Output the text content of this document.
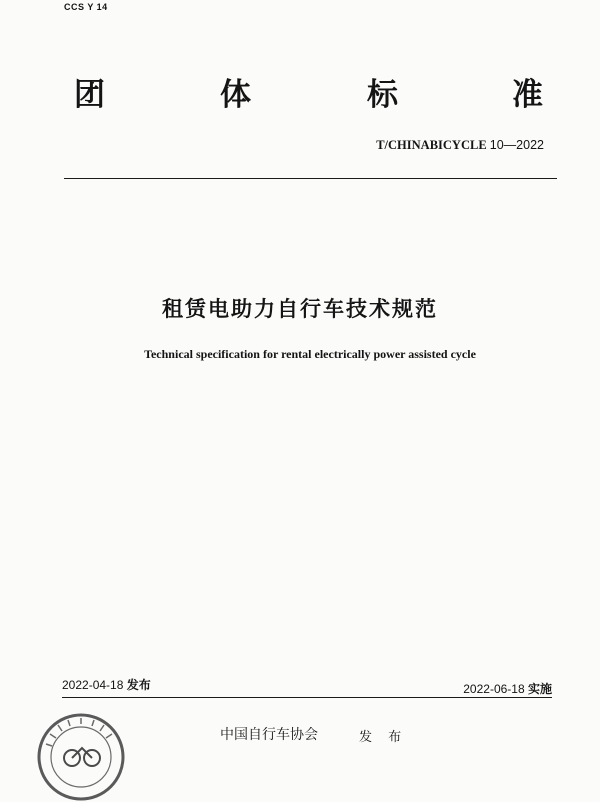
CCS Y 14
团	体	标	准
T/CHINABICYCLE 10—2022
租赁电助力自行车技术规范
Technical specification for rental electrically power assisted cycle
2022-04-18 发布	2022-06-18 实施
中国自行车协会	发 布
